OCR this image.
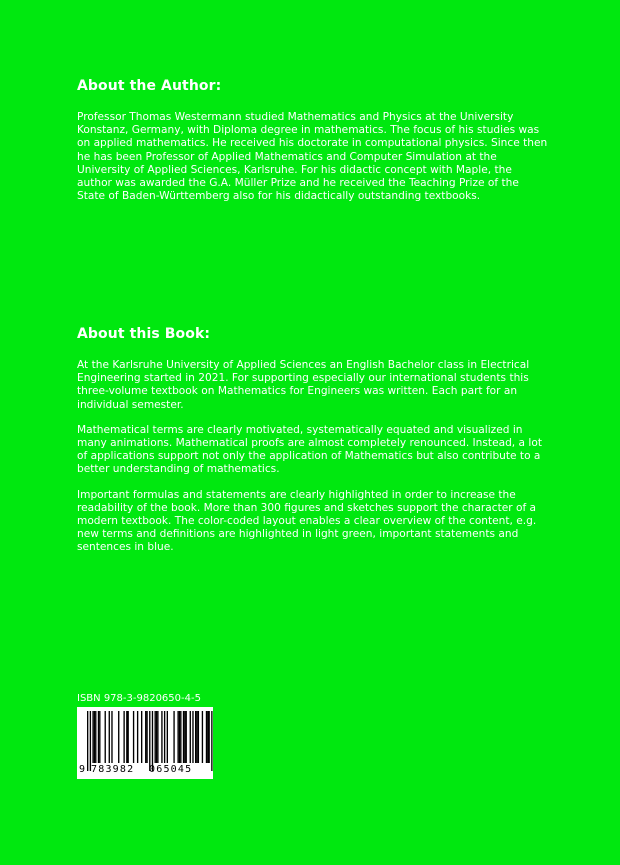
About the Author:

Professor Thomas Westermann studied Mathematics and Physics at the University Konstanz, Germany, with Diploma degree in mathematics. The focus of his studies was on applied mathematics. He received his doctorate in computational physics. Since then he has been Professor of Applied Mathematics and Computer Simulation at the University of Applied Sciences, Karlsruhe. For his didactic concept with Maple, the author was awarded the G.A. Müller Prize and he received the Teaching Prize of the State of Baden-Württemberg also for his didactically outstanding textbooks.

About this Book:

At the Karlsruhe University of Applied Sciences an English Bachelor class in Electrical Engineering started in 2021. For supporting especially our international students this three-volume textbook on Mathematics for Engineers was written. Each part for an individual semester.

Mathematical terms are clearly motivated, systematically equated and visualized in many animations. Mathematical proofs are almost completely renounced. Instead, a lot of applications support not only the application of Mathematics but also contribute to a better understanding of mathematics.

Important formulas and statements are clearly highlighted in order to increase the readability of the book. More than 300 figures and sketches support the character of a modern textbook. The color-coded layout enables a clear overview of the content, e.g. new terms and definitions are highlighted in light green, important statements and sentences in blue.

ISBN 978-3-9820650-4-5
9 783982 065045
